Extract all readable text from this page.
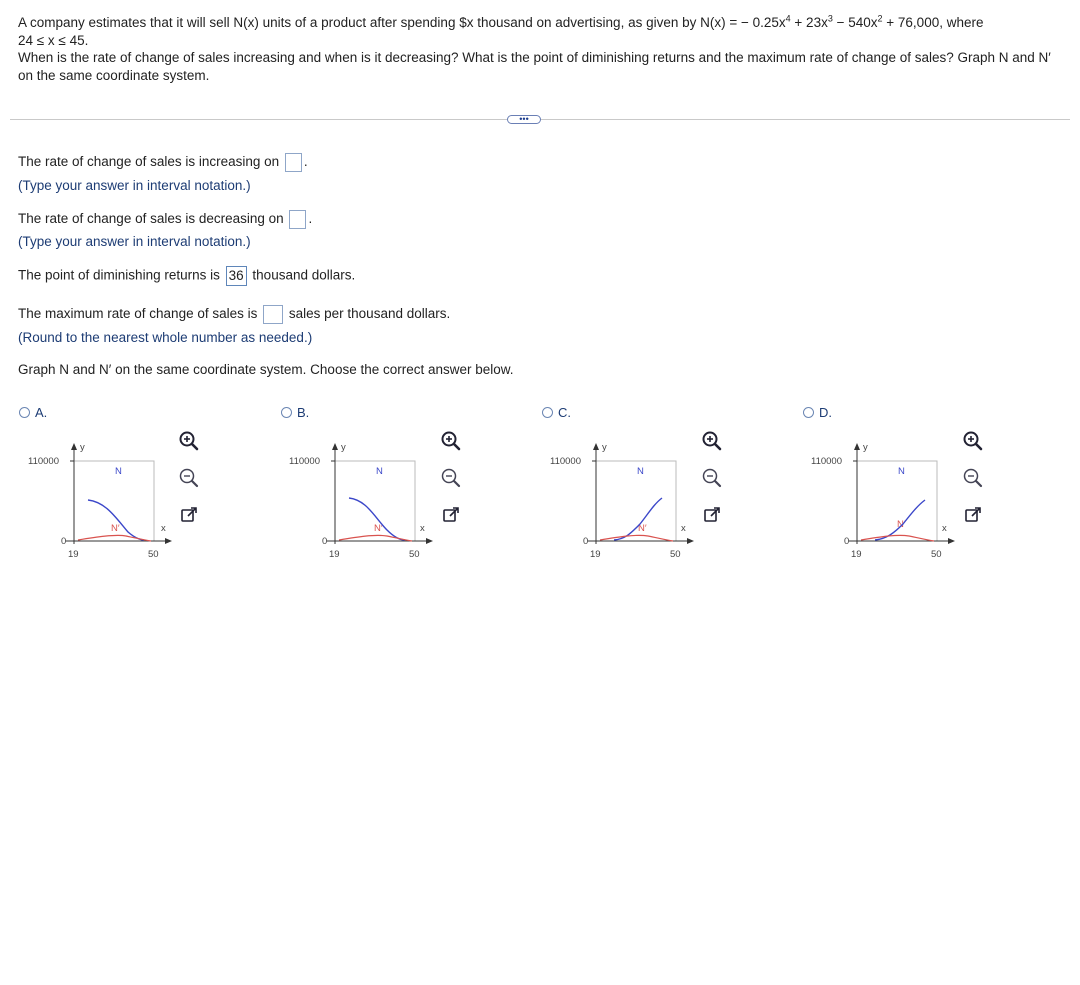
A company estimates that it will sell N(x) units of a product after spending $x thousand on advertising, as given by N(x) = − $0.25x^4 + 23x^3 - 540x^2 + 76,000$, where
24 ≤ x ≤ 45.
When is the rate of change of sales increasing and when is it decreasing? What is the point of diminishing returns and the maximum rate of change of sales? Graph N and N′ on the same coordinate system.
•••
The rate of change of sales is increasing on .
(Type your answer in interval notation.)
The rate of change of sales is decreasing on .
(Type your answer in interval notation.)
The point of diminishing returns is 36 thousand dollars.
The maximum rate of change of sales is sales per thousand dollars.
(Round to the nearest whole number as needed.)
Graph N and N′ on the same coordinate system. Choose the correct answer below.
A.	B.	C.	D.
110000
y
0
19	50
x
N
N′
110000
y
0
19	50
x
N
N′
110000
y
0
19	50
x
N
N′
110000
y
0
19	50
x
N
N′
